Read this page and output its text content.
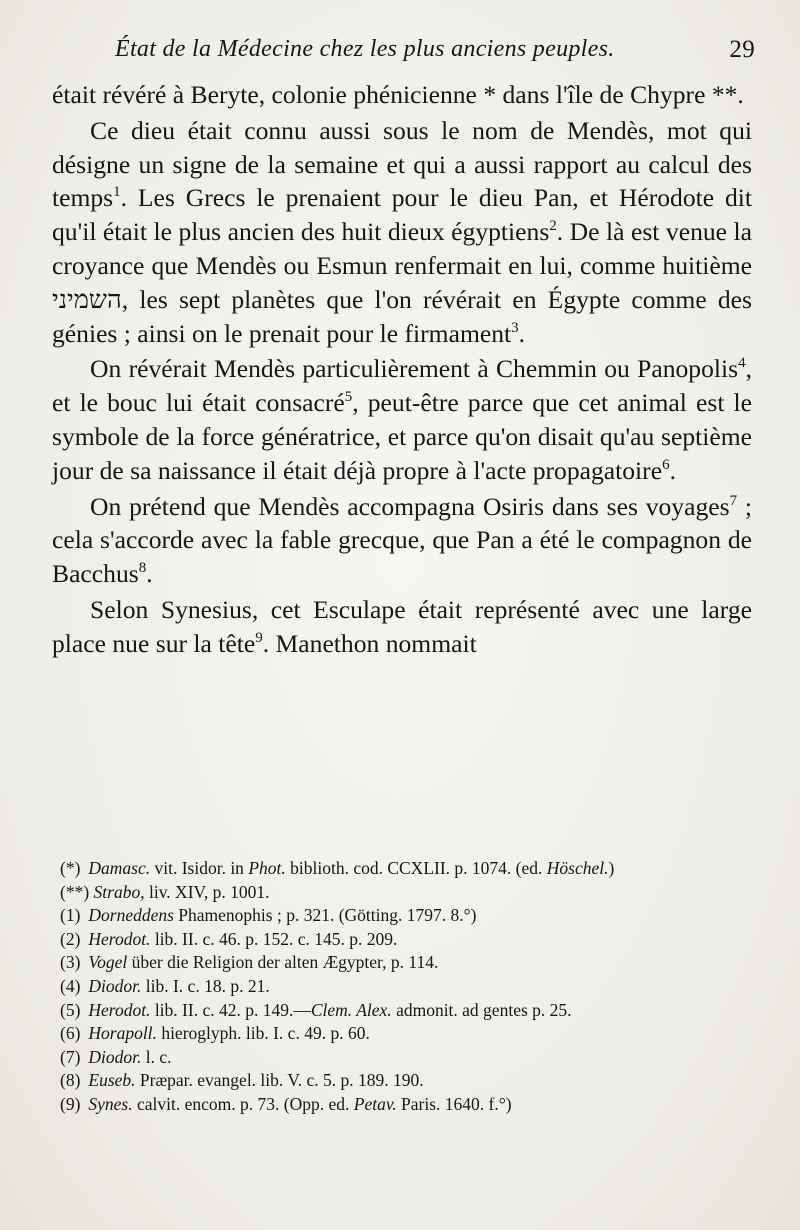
État de la Médecine chez les plus anciens peuples.	29

était révéré à Beryte, colonie phénicienne * dans l'île de Chypre **.

Ce dieu était connu aussi sous le nom de Mendès, mot qui désigne un signe de la semaine et qui a aussi rapport au calcul des temps$^1$. Les Grecs le prenaient pour le dieu Pan, et Hérodote dit qu'il était le plus ancien des huit dieux égyptiens$^2$. De là est venue la croyance que Mendès ou Esmun renfermait en lui, comme huitième השמיני, les sept planètes que l'on révérait en Égypte comme des génies ; ainsi on le prenait pour le firmament$^3$.

On révérait Mendès particulièrement à Chemmin ou Panopolis$^4$, et le bouc lui était consacré$^5$, peut-être parce que cet animal est le symbole de la force génératrice, et parce qu'on disait qu'au septième jour de sa naissance il était déjà propre à l'acte propagatoire$^6$.

On prétend que Mendès accompagna Osiris dans ses voyages$^7$ ; cela s'accorde avec la fable grecque, que Pan a été le compagnon de Bacchus$^8$.

Selon Synesius, cet Esculape était représenté avec une large place nue sur la tête$^9$. Manethon nommait

(*) Damasc. vit. Isidor. in Phot. biblioth. cod. CCXLII. p. 1074. (ed. Höschel.)

(**) Strabo, liv. XIV, p. 1001.

(1) Dorneddens Phamenophis ; p. 321. (Götting. 1797. 8.°)

(2) Herodot. lib. II. c. 46. p. 152. c. 145. p. 209.

(3) Vogel über die Religion der alten Ægypter, p. 114.

(4) Diodor. lib. I. c. 18. p. 21.

(5) Herodot. lib. II. c. 42. p. 149.—Clem. Alex. admonit. ad gentes p. 25.

(6) Horapoll. hieroglyph. lib. I. c. 49. p. 60.

(7) Diodor. l. c.

(8) Euseb. Præpar. evangel. lib. V. c. 5. p. 189. 190.

(9) Synes. calvit. encom. p. 73. (Opp. ed. Petav. Paris. 1640. f.°)
